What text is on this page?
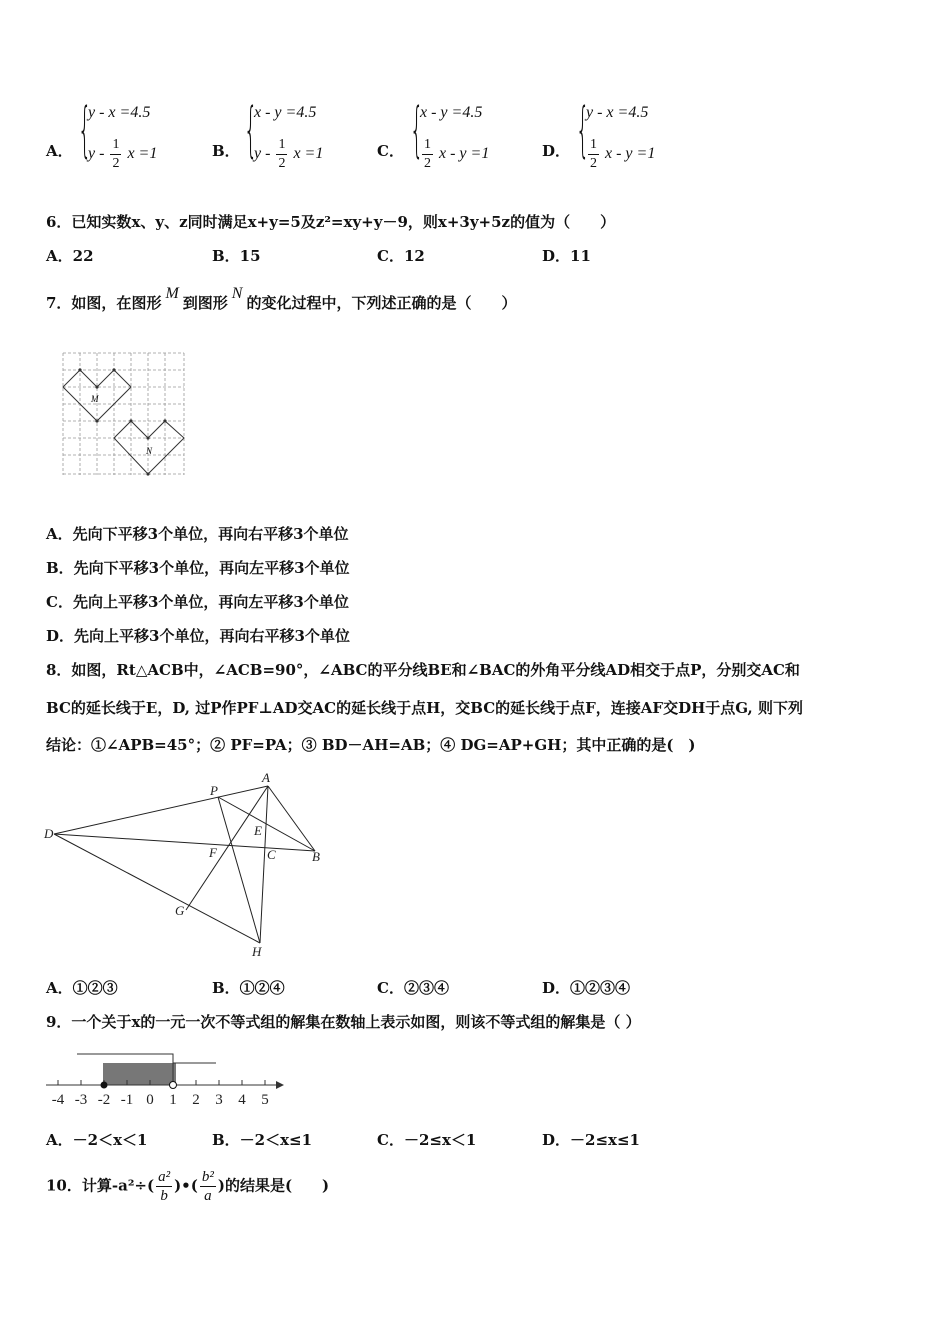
A． {
y - x =4.5
y - $\frac{1}{2}$ x =1	B． {
x - y =4.5
y - $\frac{1}{2}$ x =1	C． {
x - y =4.5
$\frac{1}{2}$ x - y =1	D． {
y - x =4.5
$\frac{1}{2}$ x - y =1
6．已知实数x、y、z同时满足x+y=5及z²=xy+y－9，则x+3y+5z的值为（　　）
A．22	B．15	C．12	D．11
7．如图，在图形M到图形N的变化过程中，下列述正确的是（　　）
M
N
A．先向下平移3个单位，再向右平移3个单位
B．先向下平移3个单位，再向左平移3个单位
C．先向上平移3个单位，再向左平移3个单位
D．先向上平移3个单位，再向右平移3个单位
8．如图，Rt△ACB中，∠ACB=90°，∠ABC的平分线BE和∠BAC的外角平分线AD相交于点P，分别交AC和
BC的延长线于E，D, 过P作PF⊥AD交AC的延长线于点H，交BC的延长线于点F，连接AF交DH于点G, 则下列
结论：①∠APB=45°；② PF=PA；③ BD－AH=AB；④ DG=AP+GH；其中正确的是(　)
A
P
D	E
F	C	B
G
H
A．①②③	B．①②④	C．②③④	D．①②③④
9．一个关于x的一元一次不等式组的解集在数轴上表示如图，则该不等式组的解集是（ ）
-4 -3 -2 -1 0 1 2 3 4 5
A．－2＜x＜1	B．－2＜x≤1	C．－2≤x＜1	D．－2≤x≤1
10．计算$-a^2\div( \frac{\text{a²}}{b}$ )•( $\frac{\text{b²}}{a}$ )的结果是(　　)
